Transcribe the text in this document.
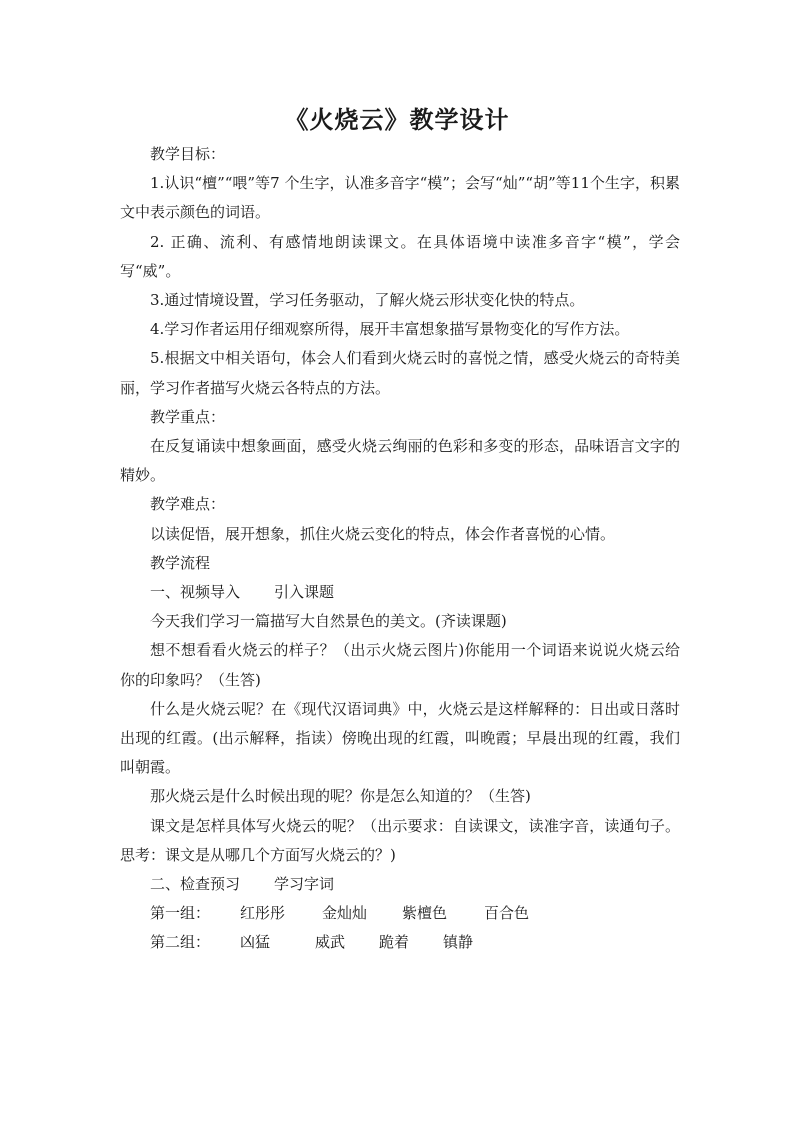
《火烧云》教学设计

教学目标：

1.认识“檀”“喂”等7 个生字，认准多音字“模”；会写“灿”“胡”等11个生字，积累文中表示颜色的词语。

2. 正确、流利、有感情地朗读课文。在具体语境中读准多音字“模”，学会写“威”。

3.通过情境设置，学习任务驱动，了解火烧云形状变化快的特点。

4.学习作者运用仔细观察所得，展开丰富想象描写景物变化的写作方法。

5.根据文中相关语句，体会人们看到火烧云时的喜悦之情，感受火烧云的奇特美丽，学习作者描写火烧云各特点的方法。

教学重点：

在反复诵读中想象画面，感受火烧云绚丽的色彩和多变的形态，品味语言文字的精妙。

教学难点：

以读促悟，展开想象，抓住火烧云变化的特点，体会作者喜悦的心情。

教学流程

一、视频导入 引入课题

今天我们学习一篇描写大自然景色的美文。(齐读课题)

想不想看看火烧云的样子？（出示火烧云图片)你能用一个词语来说说火烧云给你的印象吗？（生答)

什么是火烧云呢？在《现代汉语词典》中，火烧云是这样解释的：日出或日落时出现的红霞。(出示解释，指读）傍晚出现的红霞，叫晚霞；早晨出现的红霞，我们叫朝霞。

那火烧云是什么时候出现的呢？你是怎么知道的？（生答)

课文是怎样具体写火烧云的呢？（出示要求：自读课文，读准字音，读通句子。思考：课文是从哪几个方面写火烧云的？)

二、检查预习 学习字词

第一组：	红彤彤	金灿灿	紫檀色	百合色

第二组：	凶猛	威武	跪着	镇静
